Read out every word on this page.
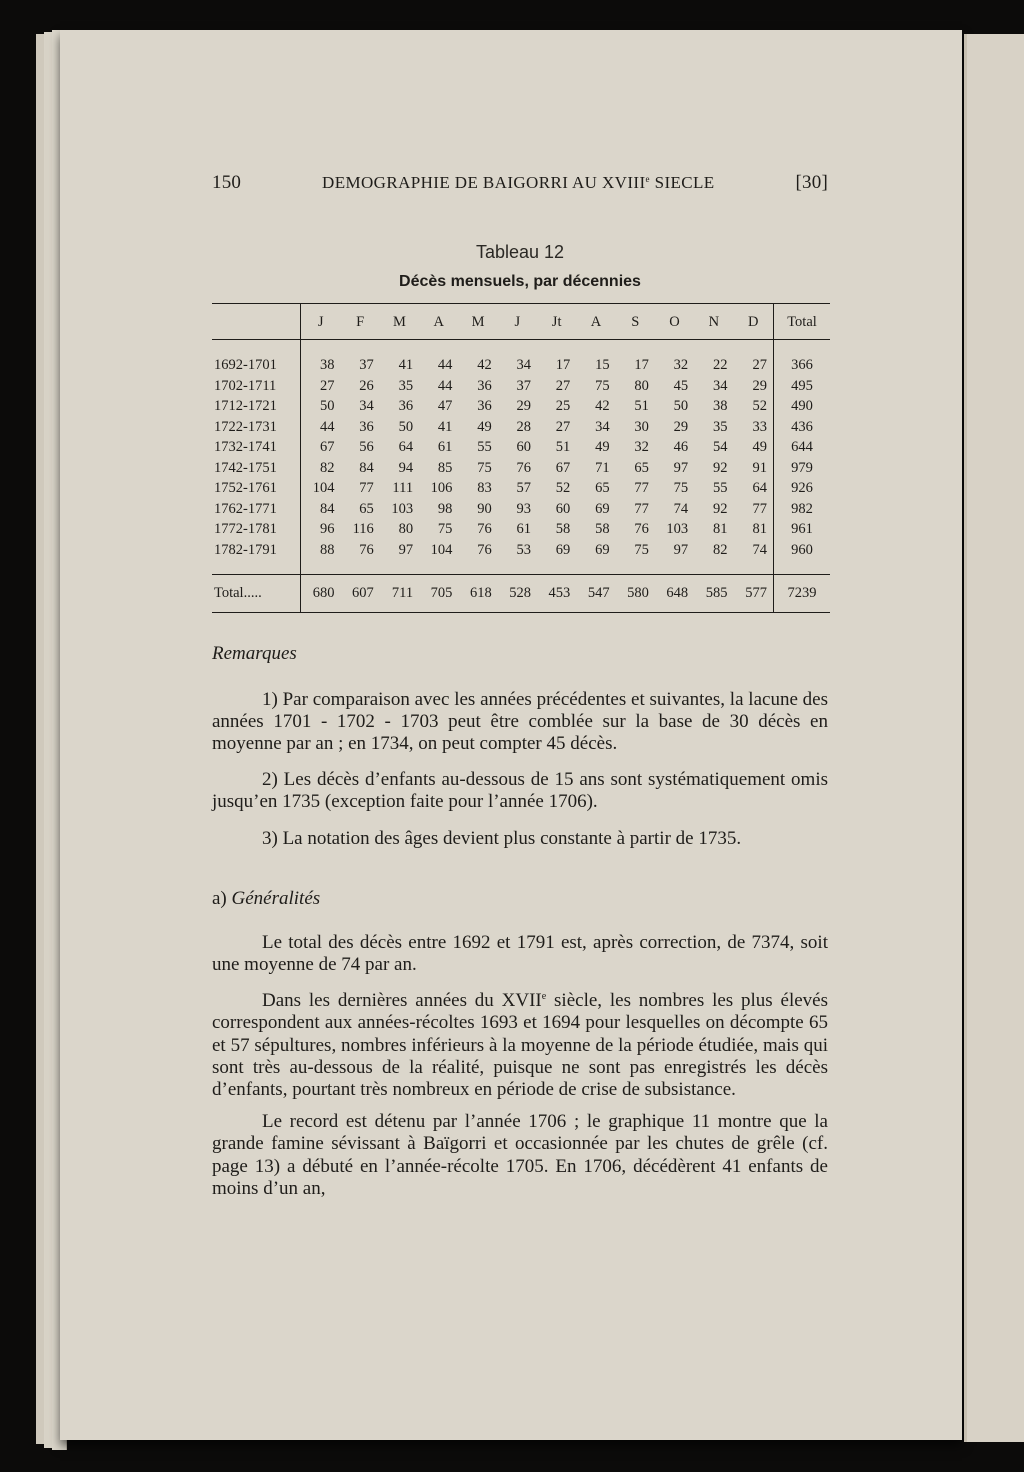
150	DEMOGRAPHIE DE BAIGORRI AU XVIIIe SIECLE	[30]
Tableau 12
Décès mensuels, par décennies
	J	F	M	A	M	J	Jt	A	S	O	N	D	Total
1692-1701	38	37	41	44	42	34	17	15	17	32	22	27	366
1702-1711	27	26	35	44	36	37	27	75	80	45	34	29	495
1712-1721	50	34	36	47	36	29	25	42	51	50	38	52	490
1722-1731	44	36	50	41	49	28	27	34	30	29	35	33	436
1732-1741	67	56	64	61	55	60	51	49	32	46	54	49	644
1742-1751	82	84	94	85	75	76	67	71	65	97	92	91	979
1752-1761	104	77	111	106	83	57	52	65	77	75	55	64	926
1762-1771	84	65	103	98	90	93	60	69	77	74	92	77	982
1772-1781	96	116	80	75	76	61	58	58	76	103	81	81	961
1782-1791	88	76	97	104	76	53	69	69	75	97	82	74	960
Total.....	680	607	711	705	618	528	453	547	580	648	585	577	7239
Remarques

1) Par comparaison avec les années précédentes et suivantes, la lacune des années 1701 - 1702 - 1703 peut être comblée sur la base de 30 décès en moyenne par an ; en 1734, on peut compter 45 décès.

2) Les décès d’enfants au-dessous de 15 ans sont systématiquement omis jusqu’en 1735 (exception faite pour l’année 1706).

3) La notation des âges devient plus constante à partir de 1735.

a) Généralités

Le total des décès entre 1692 et 1791 est, après correction, de 7374, soit une moyenne de 74 par an.

Dans les dernières années du XVIIe siècle, les nombres les plus élevés correspondent aux années-récoltes 1693 et 1694 pour lesquelles on décompte 65 et 57 sépultures, nombres inférieurs à la moyenne de la période étudiée, mais qui sont très au-dessous de la réalité, puisque ne sont pas enregistrés les décès d’enfants, pourtant très nombreux en période de crise de subsistance.

Le record est détenu par l’année 1706 ; le graphique 11 montre que la grande famine sévissant à Baïgorri et occasionnée par les chutes de grêle (cf. page 13) a débuté en l’année-récolte 1705. En 1706, décédèrent 41 enfants de moins d’un an,
